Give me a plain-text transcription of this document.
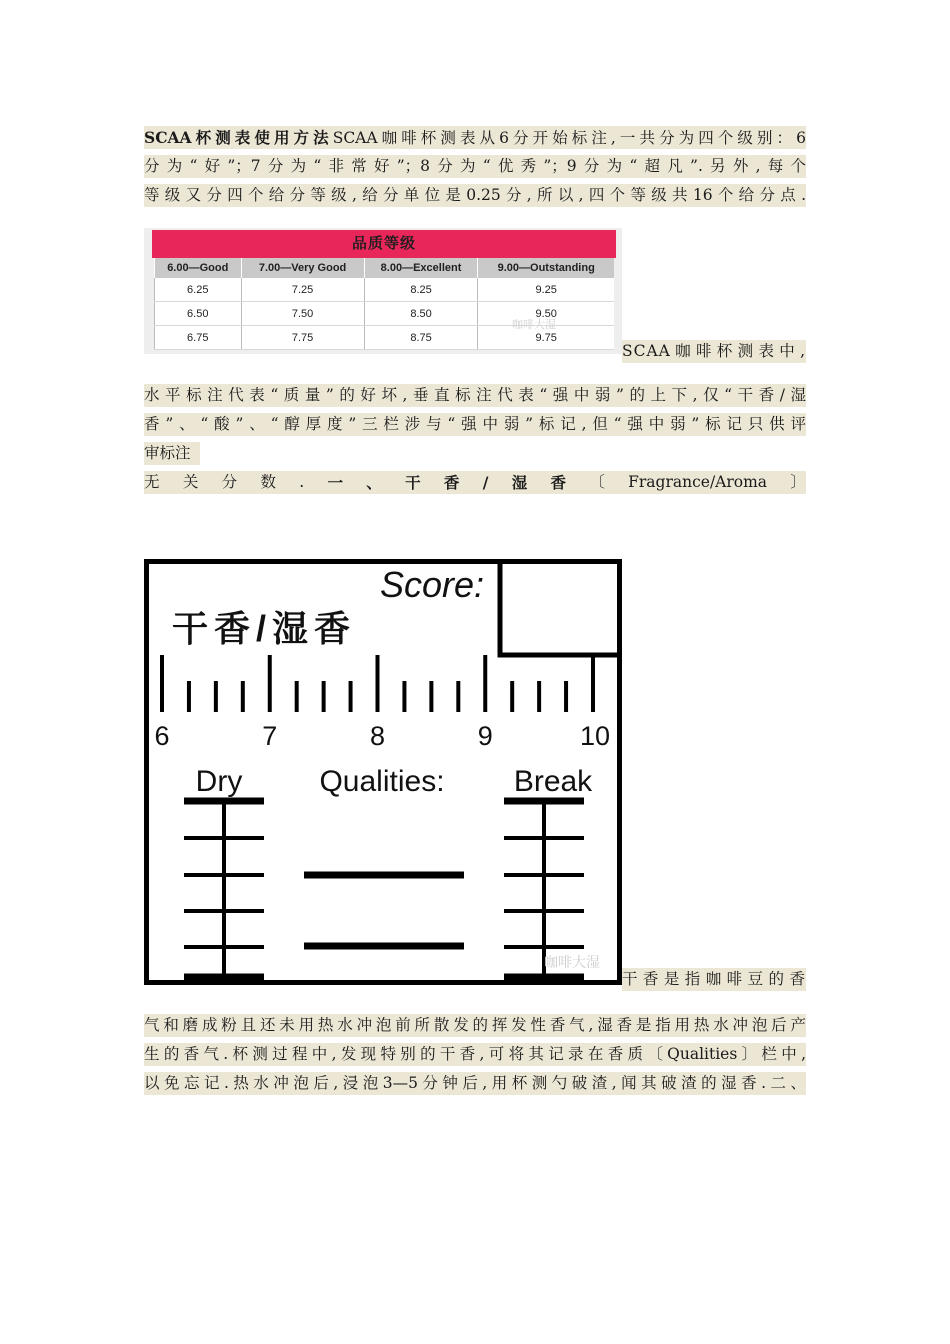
SCAA杯测表使用方法SCAA咖啡杯测表从6分开始标注,一共分为四个级别：6
分为“好”；7分为“非常好”；8分为“优秀”；9分为“超凡”.另外,每个
等级又分四个给分等级,给分单位是0.25分,所以,四个等级共16个给分点.
品质等级
6.00—Good	7.00—Very Good	8.00—Excellent	9.00—Outstanding
6.25	7.25	8.25	9.25
6.50	7.50	8.50	9.50
6.75	7.75	8.75	9.75
咖啡大湿
SCAA咖啡杯测表中,
水平标注代表“质量”的好坏,垂直标注代表“强中弱”的上下,仅“干香/湿
香”、“酸”、“醇厚度”三栏涉与“强中弱”标记,但“强中弱”标记只供评
审标注
无 关 分 数 . 一 、 干 香 / 湿 香 〔 Fragrance/Aroma 〕
Score:
干香/湿香
6	7	8	9	10
Dry	Qualities: Break
咖啡大湿
干香是指咖啡豆的香
气和磨成粉且还未用热水冲泡前所散发的挥发性香气,湿香是指用热水冲泡后产
生的香气.杯测过程中,发现特别的干香,可将其记录在香质〔Qualities〕栏中,
以免忘记.热水冲泡后,浸泡3—5分钟后,用杯测勺破渣,闻其破渣的湿香.二、
